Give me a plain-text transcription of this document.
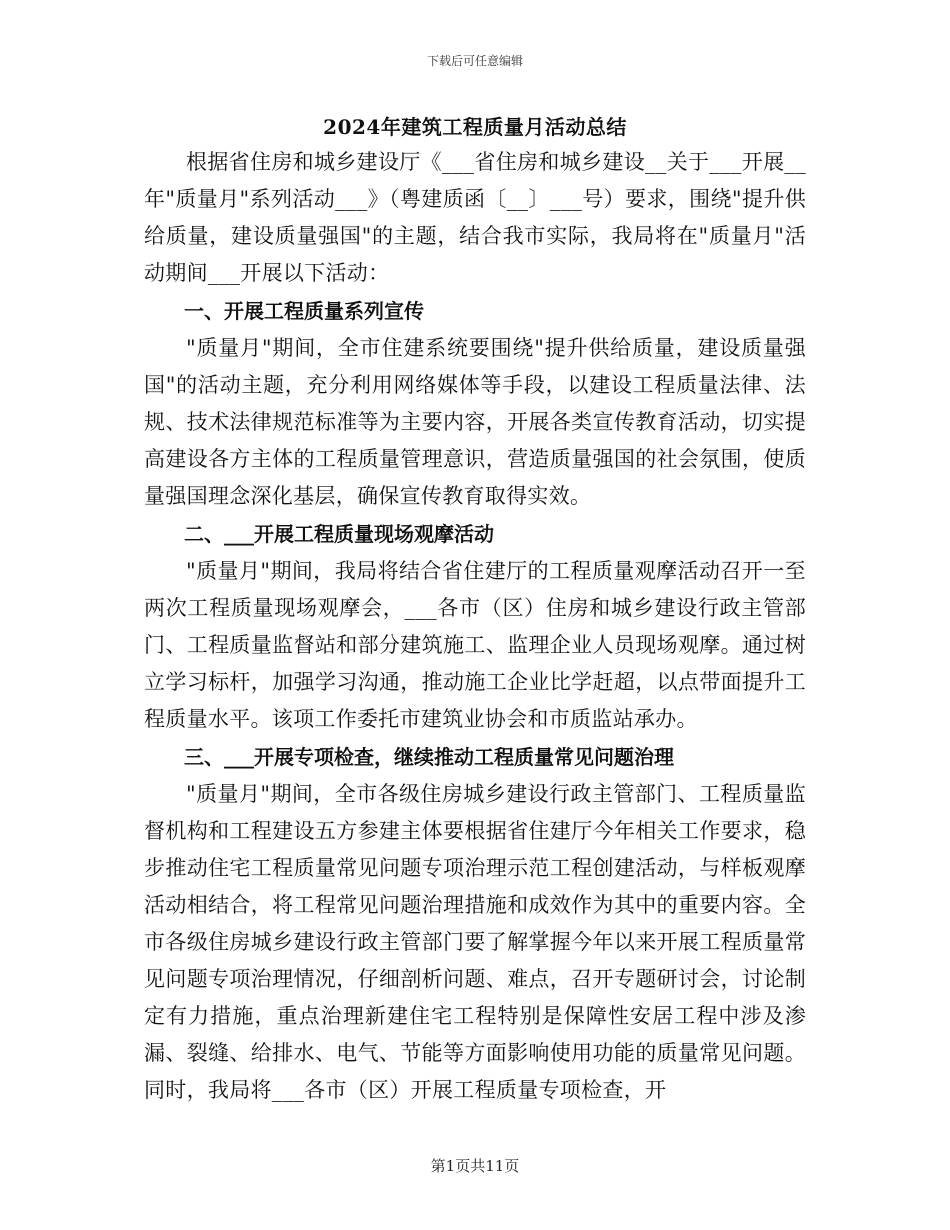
下载后可任意编辑
2024年建筑工程质量月活动总结

根据省住房和城乡建设厅《___省住房和城乡建设__关于___开展__年"质量月"系列活动___》（粤建质函〔__〕___号）要求，围绕"提升供给质量，建设质量强国"的主题，结合我市实际，我局将在"质量月"活动期间___开展以下活动：

一、开展工程质量系列宣传

"质量月"期间，全市住建系统要围绕"提升供给质量，建设质量强国"的活动主题，充分利用网络媒体等手段，以建设工程质量法律、法规、技术法律规范标准等为主要内容，开展各类宣传教育活动，切实提高建设各方主体的工程质量管理意识，营造质量强国的社会氛围，使质量强国理念深化基层，确保宣传教育取得实效。

二、___开展工程质量现场观摩活动

"质量月"期间，我局将结合省住建厅的工程质量观摩活动召开一至两次工程质量现场观摩会，___各市（区）住房和城乡建设行政主管部门、工程质量监督站和部分建筑施工、监理企业人员现场观摩。通过树立学习标杆，加强学习沟通，推动施工企业比学赶超，以点带面提升工程质量水平。该项工作委托市建筑业协会和市质监站承办。

三、___开展专项检查，继续推动工程质量常见问题治理

"质量月"期间，全市各级住房城乡建设行政主管部门、工程质量监督机构和工程建设五方参建主体要根据省住建厅今年相关工作要求，稳步推动住宅工程质量常见问题专项治理示范工程创建活动，与样板观摩活动相结合，将工程常见问题治理措施和成效作为其中的重要内容。全市各级住房城乡建设行政主管部门要了解掌握今年以来开展工程质量常见问题专项治理情况，仔细剖析问题、难点，召开专题研讨会，讨论制定有力措施，重点治理新建住宅工程特别是保障性安居工程中涉及渗漏、裂缝、给排水、电气、节能等方面影响使用功能的质量常见问题。同时，我局将___各市（区）开展工程质量专项检查，开

第1页共11页
